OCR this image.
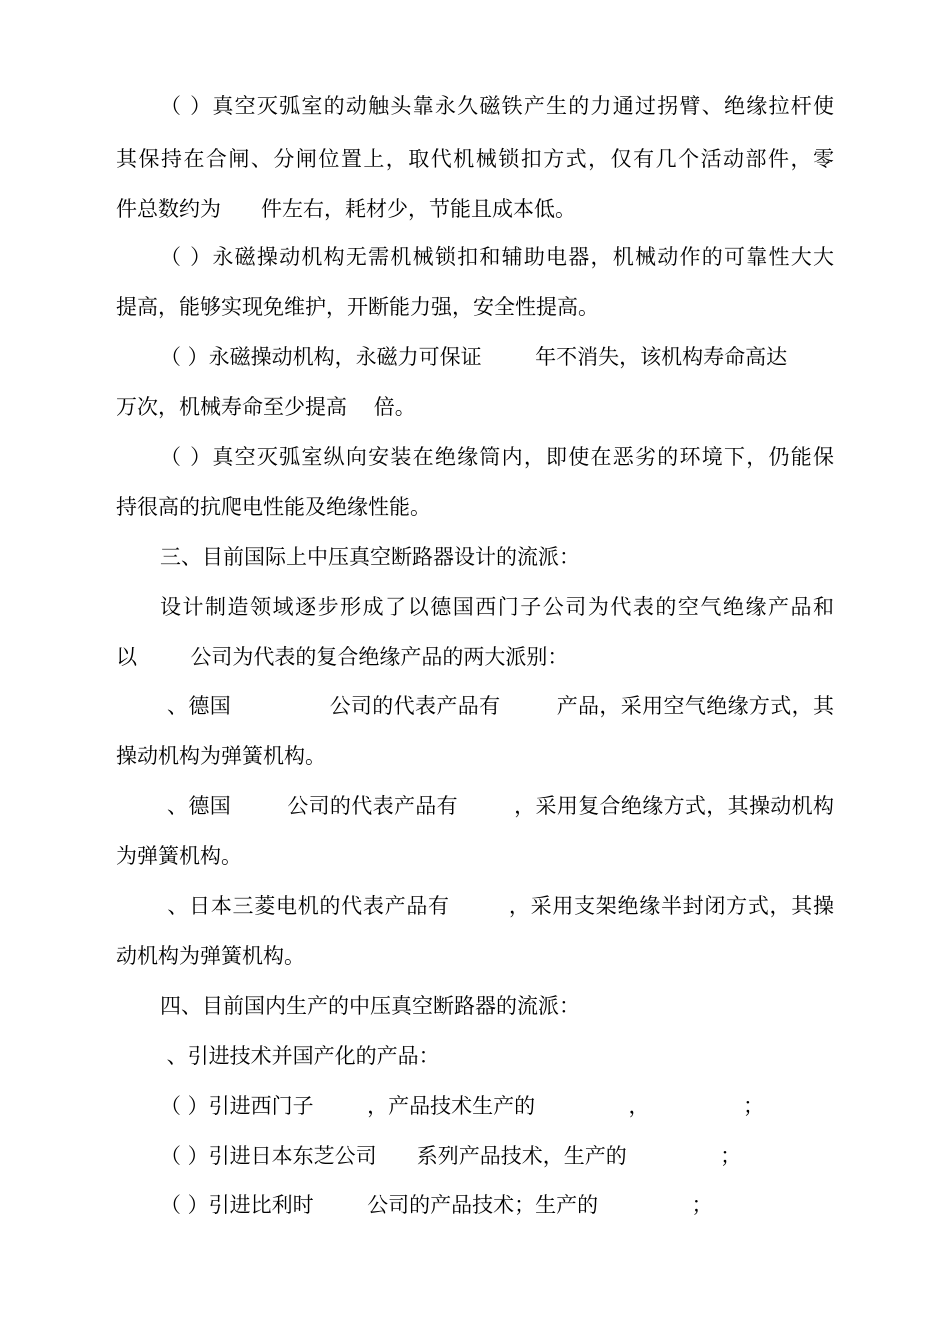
（ ）真空灭弧室的动触头靠永久磁铁产生的力通过拐臂、绝缘拉杆使

其保持在合闸、分闸位置上，取代机械锁扣方式，仅有几个活动部件，零

件总数约为      件左右，耗材少，节能且成本低。

（ ）永磁操动机构无需机械锁扣和辅助电器，机械动作的可靠性大大

提高，能够实现免维护，开断能力强，安全性提高。

（ ）永磁操动机构，永磁力可保证        年不消失，该机构寿命高达

万次，机械寿命至少提高    倍。

（ ）真空灭弧室纵向安装在绝缘筒内，即使在恶劣的环境下，仍能保

持很高的抗爬电性能及绝缘性能。

三、目前国际上中压真空断路器设计的流派：

设计制造领域逐步形成了以德国西门子公司为代表的空气绝缘产品和

以        公司为代表的复合绝缘产品的两大派别：

、德国              公司的代表产品有        产品，采用空气绝缘方式，其

操动机构为弹簧机构。

、德国        公司的代表产品有        ，采用复合绝缘方式，其操动机构

为弹簧机构。

、日本三菱电机的代表产品有        ，采用支架绝缘半封闭方式，其操

动机构为弹簧机构。

四、目前国内生产的中压真空断路器的流派：

、引进技术并国产化的产品：

（ ）引进西门子        ，产品技术生产的              ，              ；

（ ）引进日本东芝公司      系列产品技术，生产的              ；

（ ）引进比利时        公司的产品技术；生产的              ；
